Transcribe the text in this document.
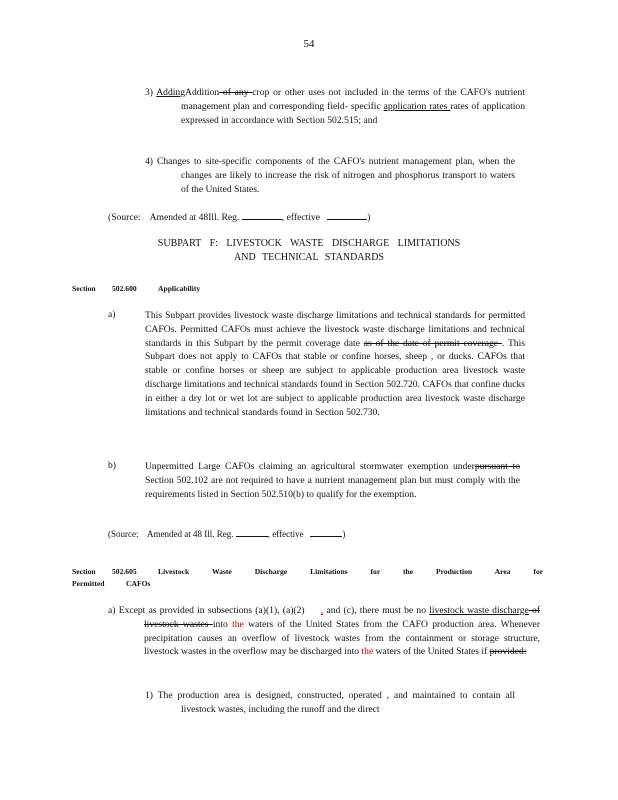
54

3) AddingAddition of any crop or other uses not included in the terms of the CAFO's nutrient management plan and corresponding field- specific application rates rates of application expressed in accordance with Section 502.515; and

4) Changes to site-specific components of the CAFO's nutrient management plan, when the changes are likely to increase the risk of nitrogen and phosphorus transport to waters of the United States.

(Source: Amended at 48Ill. Reg.	, effective	)
SUBPART F: LIVESTOCK WASTE DISCHARGE LIMITATIONS
AND TECHNICAL STANDARDS
Section 502.600	Applicability
a)	This Subpart provides livestock waste discharge limitations and technical standards for permitted CAFOs. Permitted CAFOs must achieve the livestock waste discharge limitations and technical standards in this Subpart by the permit coverage date as of the date of permit coverage . This Subpart does not apply to CAFOs that stable or confine horses, sheep , or ducks. CAFOs that stable or confine horses or sheep are subject to applicable production area livestock waste discharge limitations and technical standards found in Section 502.720. CAFOs that confine ducks in either a dry lot or wet lot are subject to applicable production area livestock waste discharge limitations and technical standards found in Section 502.730.

b)	Unpermitted Large CAFOs claiming an agricultural stormwater exemption underpursuant to Section 502.102 are not required to have a nutrient management plan but must comply with the requirements listed in Section 502.510(b) to qualify for the exemption.

(Source: Amended at 48 Ill. Reg.	, effective	)
Section 502.605	Livestock Waste Discharge Limitations for the Production Area for
Permitted	CAFOs

a) Except as provided in subsections (a)(1), (a)(2) , and (c), there must be no livestock waste discharge of livestock wastes into the waters of the United States from the CAFO production area. Whenever precipitation causes an overflow of livestock wastes from the containment or storage structure, livestock wastes in the overflow may be discharged into the waters of the United States if provided:

1) The production area is designed, constructed, operated , and maintained to contain all livestock wastes, including the runoff and the direct
